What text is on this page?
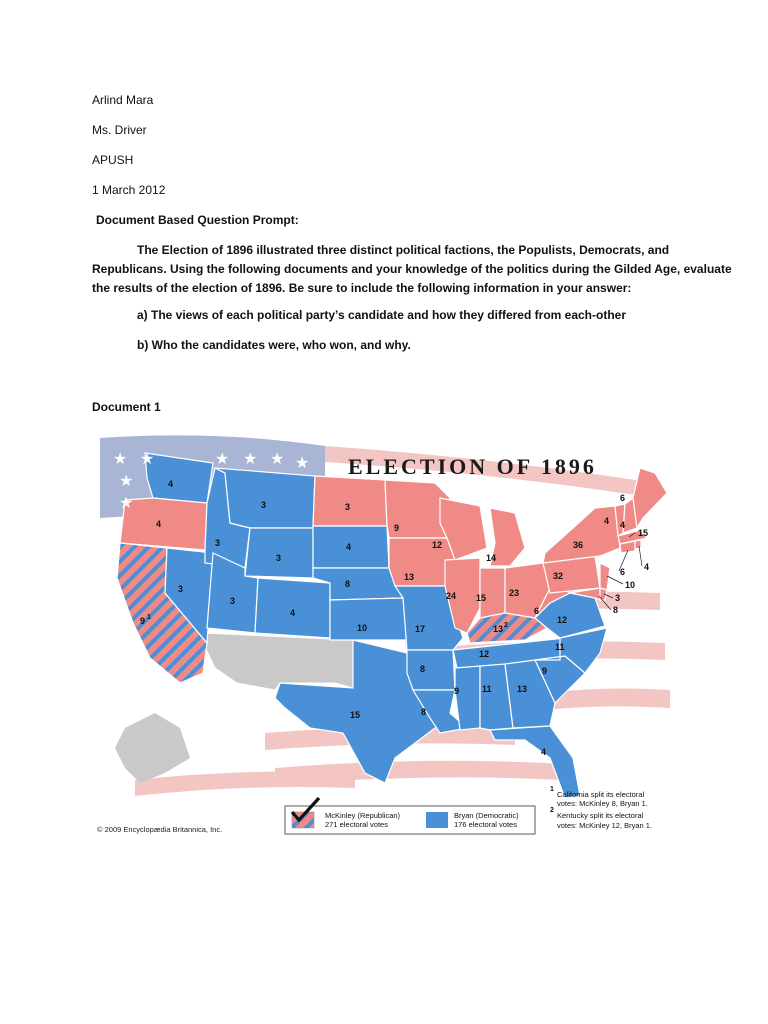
Arlind Mara
Ms. Driver
APUSH
1 March 2012
Document Based Question Prompt:
The Election of 1896 illustrated three distinct political factions, the Populists, Democrats, and
Republicans. Using the following documents and your knowledge of the politics during the Gilded Age, evaluate
the results of the election of 1896. Be sure to include the following information in your answer:
a) The views of each political party’s candidate and how they differed from each-other
b) Who the candidates were, who won, and why.
Document 1
★ ★	★ ★ ★ ★
★
★
ELECTION OF 1896
4
4
9 1
3
3
3
3
3
4
3
4
8
10
15
9
13
17
8
8
12
24
14
15	23
13 2
12
9	11	13
4
9
11
12
6
32
36
6
4 4
15
4
6
10
3
8
McKinley (Republican)
271 electoral votes
Bryan (Democratic)
176 electoral votes
© 2009 Encyclopædia Britannica, Inc.
1
California split its electoral
votes: McKinley 8, Bryan 1.
2
Kentucky split its electoral
votes: McKinley 12, Bryan 1.
